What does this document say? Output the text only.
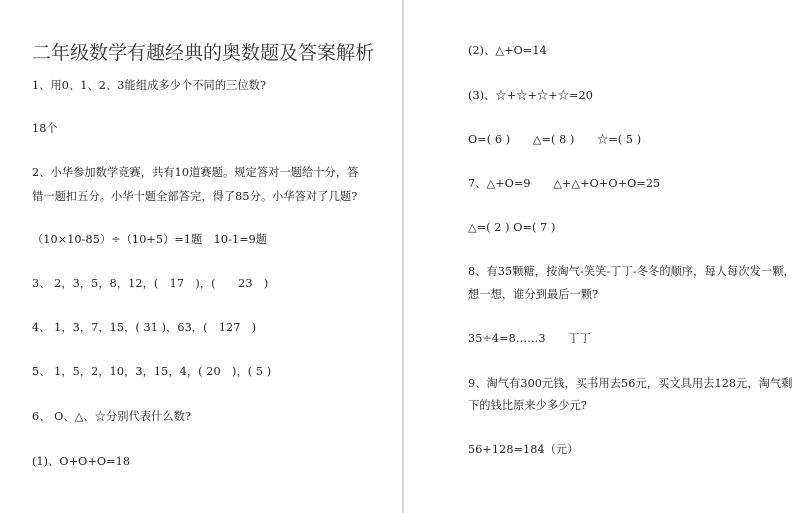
二年级数学有趣经典的奥数题及答案解析
1、用0、1、2、3能组成多少个不同的三位数?
18个
2、小华参加数学竞赛，共有10道赛题。规定答对一题给十分，答
错一题扣五分。小华十题全部答完，得了85分。小华答对了几题?
（10×10-85）÷（10+5）=1题　10-1=9题
3、 2，3，5，8，12，(　17　)，(　　23　)
4、 1，3，7，15，( 31 )，63，(　127　)
5、 1，5，2，10，3，15，4，( 20　)，( 5 )
6、 O、△、☆分别代表什么数?
(1)、O+O+O=18
(2)、△+O=14
(3)、☆+☆+☆+☆=20
O=( 6 )　　△=( 8 )　　☆=( 5 )
7、△+O=9　　△+△+O+O+O=25
△=( 2 ) O=( 7 )
8、有35颗糖，按淘气-笑笑-丁丁-冬冬的顺序，每人每次发一颗，
想一想，谁分到最后一颗?
35÷4=8……3　　丁丁
9、淘气有300元钱，买书用去56元，买文具用去128元，淘气剩
下的钱比原来少多少元?
56+128=184（元）
